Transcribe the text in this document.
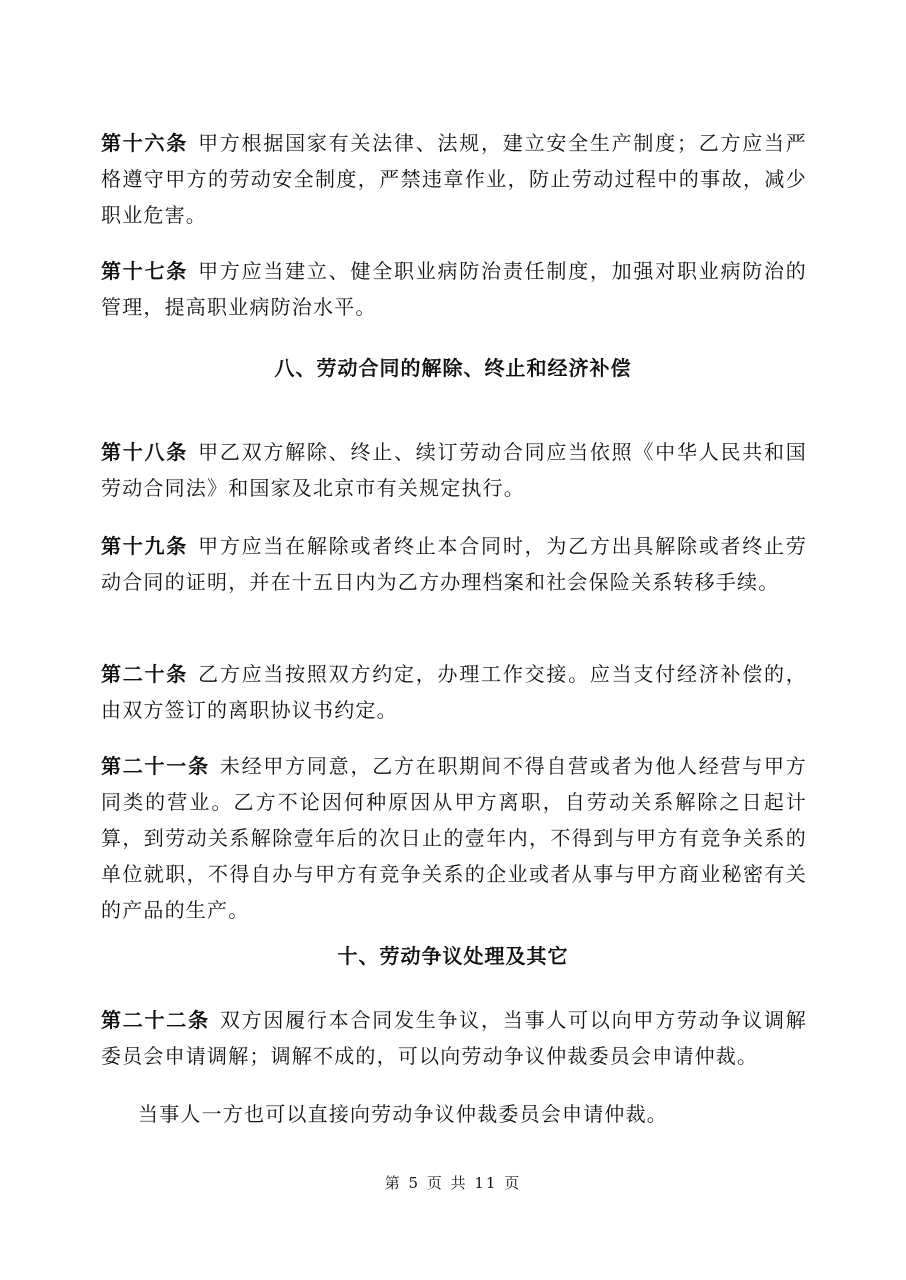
第十六条 甲方根据国家有关法律、法规，建立安全生产制度；乙方应当严格遵守甲方的劳动安全制度，严禁违章作业，防止劳动过程中的事故，减少职业危害。

第十七条 甲方应当建立、健全职业病防治责任制度，加强对职业病防治的管理，提高职业病防治水平。

八、劳动合同的解除、终止和经济补偿

第十八条 甲乙双方解除、终止、续订劳动合同应当依照《中华人民共和国劳动合同法》和国家及北京市有关规定执行。

第十九条 甲方应当在解除或者终止本合同时，为乙方出具解除或者终止劳动合同的证明，并在十五日内为乙方办理档案和社会保险关系转移手续。

第二十条 乙方应当按照双方约定，办理工作交接。应当支付经济补偿的，由双方签订的离职协议书约定。

第二十一条 未经甲方同意，乙方在职期间不得自营或者为他人经营与甲方同类的营业。乙方不论因何种原因从甲方离职，自劳动关系解除之日起计算，到劳动关系解除壹年后的次日止的壹年内，不得到与甲方有竞争关系的单位就职，不得自办与甲方有竞争关系的企业或者从事与甲方商业秘密有关的产品的生产。

十、劳动争议处理及其它

第二十二条 双方因履行本合同发生争议，当事人可以向甲方劳动争议调解委员会申请调解；调解不成的，可以向劳动争议仲裁委员会申请仲裁。

当事人一方也可以直接向劳动争议仲裁委员会申请仲裁。

第 5 页 共 11 页
